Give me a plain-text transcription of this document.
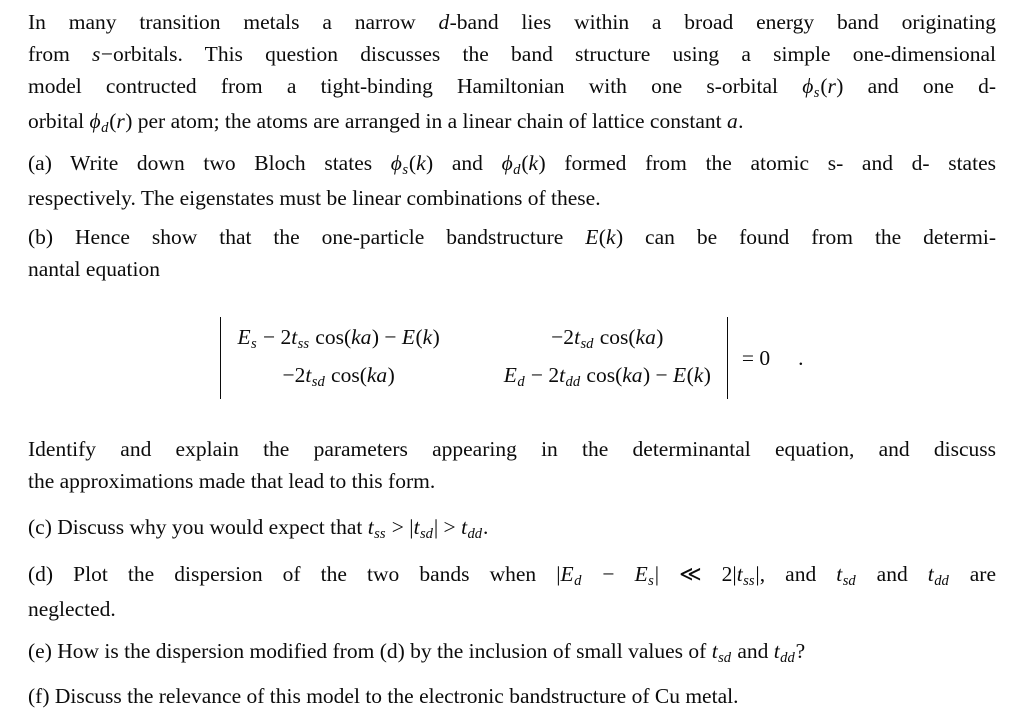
In many transition metals a narrow d-band lies within a broad energy band originating
from s−orbitals. This question discusses the band structure using a simple one-dimensional
model contructed from a tight-binding Hamiltonian with one s-orbital ϕs(r) and one d-
orbital ϕd(r) per atom; the atoms are arranged in a linear chain of lattice constant a.
(a) Write down two Bloch states ϕs(k) and ϕd(k) formed from the atomic s- and d- states
respectively. The eigenstates must be linear combinations of these.
(b) Hence show that the one-particle bandstructure E(k) can be found from the determi-
nantal equation
Es − 2tss cos(ka) − E(k)	−2tsd cos(ka)
−2tsd cos(ka)	Ed − 2tdd cos(ka) − E(k)
= 0 .
Identify and explain the parameters appearing in the determinantal equation, and discuss
the approximations made that lead to this form.
(c) Discuss why you would expect that tss > |tsd| > tdd.
(d) Plot the dispersion of the two bands when |Ed − Es| ≪ 2|tss|, and tsd and tdd are
neglected.
(e) How is the dispersion modified from (d) by the inclusion of small values of tsd and tdd?
(f) Discuss the relevance of this model to the electronic bandstructure of Cu metal.
